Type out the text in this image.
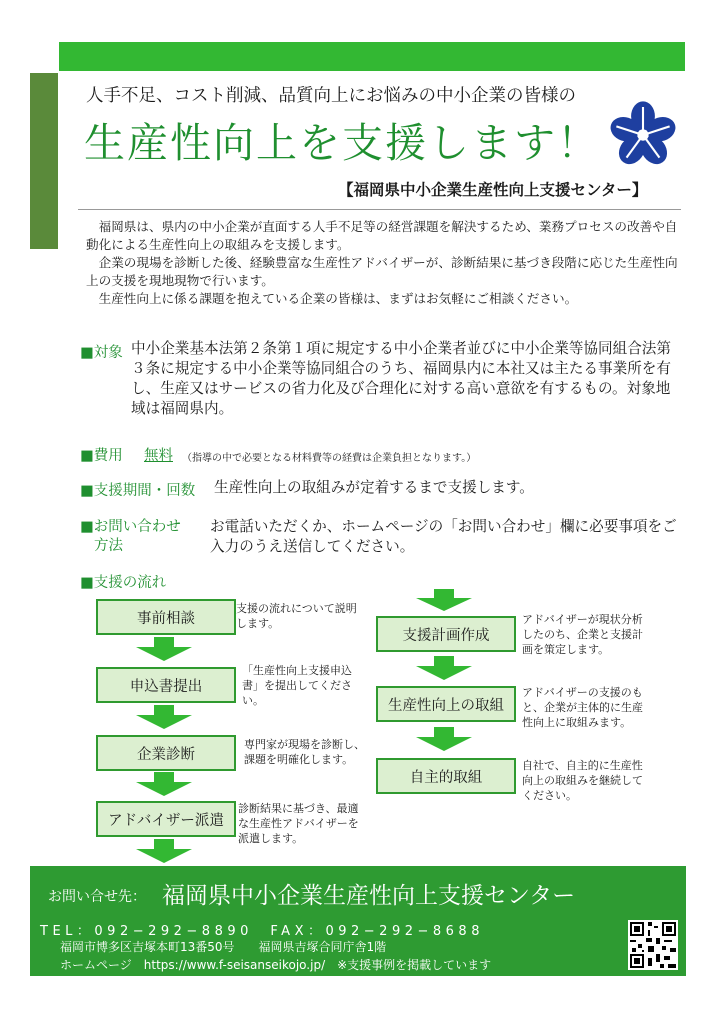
人手不足、コスト削減、品質向上にお悩みの中小企業の皆様の
生産性向上を支援します！
【福岡県中小企業生産性向上支援センター】

福岡県は、県内の中小企業が直面する人手不足等の経営課題を解決するため、業務プロセスの改善や自動化による生産性向上の取組みを支援します。

企業の現場を診断した後、経験豊富な生産性アドバイザーが、診断結果に基づき段階に応じた生産性向上の支援を現地現物で行います。

生産性向上に係る課題を抱えている企業の皆様は、まずはお気軽にご相談ください。

■対象 中小企業基本法第２条第１項に規定する中小企業者並びに中小企業等協同組合法第３条に規定する中小企業等協同組合のうち、福岡県内に本社又は主たる事業所を有し、生産又はサービスの省力化及び合理化に対する高い意欲を有するもの。対象地域は福岡県内。
■費用 無料 （指導の中で必要となる材料費等の経費は企業負担となります。）
■支援期間・回数 生産性向上の取組みが定着するまで支援します。
■お問い合わせ
方法
お電話いただくか、ホームページの「お問い合わせ」欄に必要事項をご入力のうえ送信してください。
■支援の流れ
事前相談
支援の流れについて説明します。
申込書提出
「生産性向上支援申込書」を提出してください。
企業診断
専門家が現場を診断し、課題を明確化します。
アドバイザー派遣
診断結果に基づき、最適な生産性アドバイザーを派遣します。
支援計画作成
アドバイザーが現状分析したのち、企業と支援計画を策定します。
生産性向上の取組
アドバイザーの支援のもと、企業が主体的に生産性向上に取組みます。
自主的取組
自社で、自主的に生産性向上の取組みを継続してください。
お問い合せ先： 福岡県中小企業生産性向上支援センター
TEL：092−292−8890　FAX：092−292−8688
福岡市博多区吉塚本町13番50号　　福岡県吉塚合同庁舎1階
ホームページ　https://www.f-seisanseikojo.jp/　※支援事例を掲載しています
